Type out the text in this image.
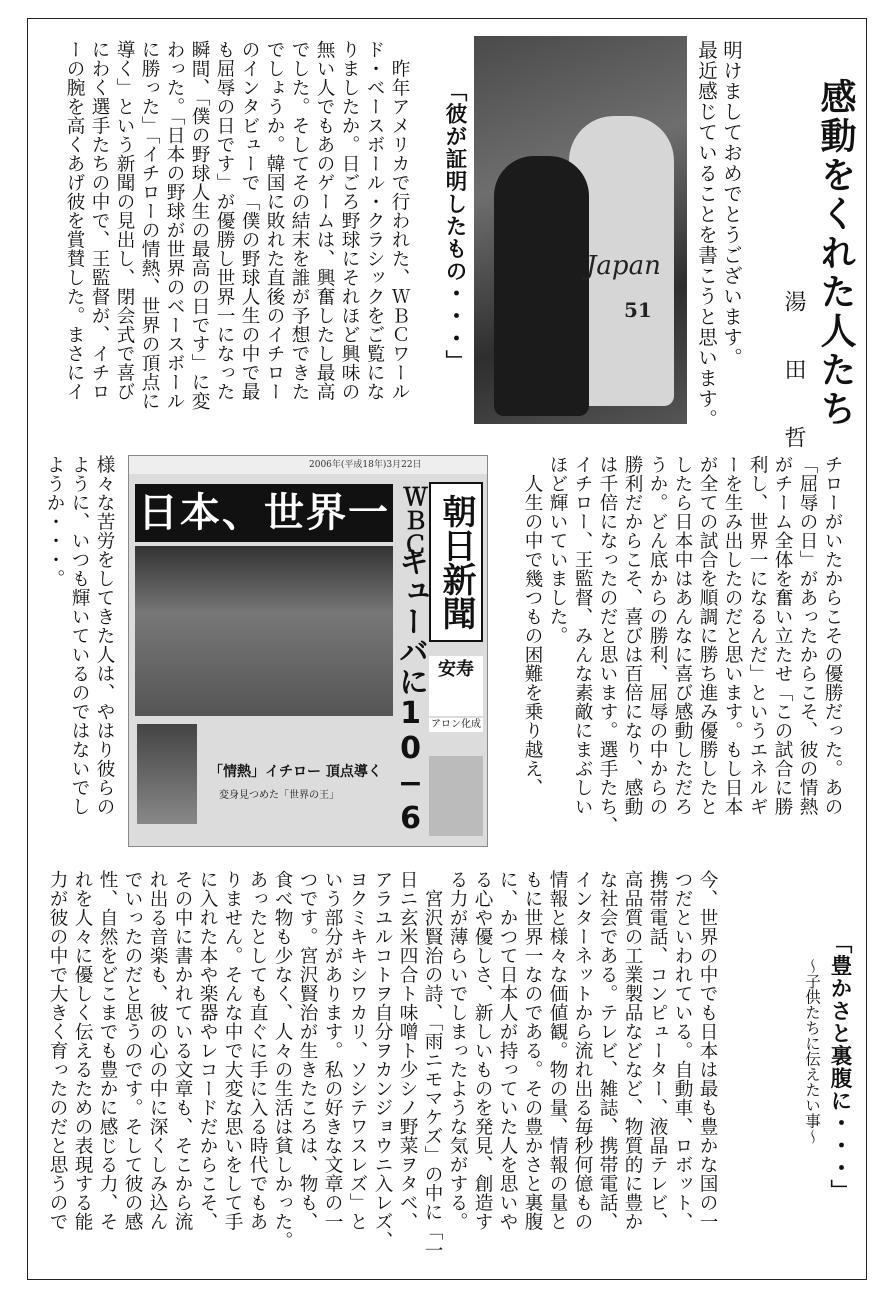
感動をくれた人たち
湯　田　哲

明けましておめでとうございます。

最近感じていることを書こうと思います。

Japan
51
「彼が証明したもの・・・」

　昨年アメリカで行われた、ＷＢＣワール

ド・ベースボール・クラシックをご覧にな

りましたか。日ごろ野球にそれほど興味の

無い人でもあのゲームは、興奮したし最高

でした。そしてその結末を誰が予想できた

でしょうか。韓国に敗れた直後のイチロー

のインタビューで「僕の野球人生の中で最

も屈辱の日です」が優勝し世界一になった

瞬間、「僕の野球人生の最高の日です」に変

わった。「日本の野球が世界のベースボール

に勝った」「イチローの情熱、世界の頂点に

導く」という新聞の見出し、閉会式で喜び

にわく選手たちの中で、王監督が、イチロ

ーの腕を高くあげ彼を賞賛した。まさにイ

2006年(平成18年)3月22日
日本、世界一 ＷＢＣ
キューバに10−6 朝日新聞
「情熱」イチロー 頂点導く
変身見つめた「世界の王」
安寿
アロン化成	チローがいたからこその優勝だった。あの

「屈辱の日」があったからこそ、彼の情熱

がチーム全体を奮い立たせ「この試合に勝

利し、世界一になるんだ」というエネルギ

ーを生み出したのだと思います。もし日本

が全ての試合を順調に勝ち進み優勝したと

したら日本中はあんなに喜び感動しただろ

うか。どん底からの勝利、屈辱の中からの

勝利だからこそ、喜びは百倍になり、感動

は千倍になったのだと思います。選手たち、

イチロー、王監督、みんな素敵にまぶしい

ほど輝いていました。

　人生の中で幾つもの困難を乗り越え、

様々な苦労をしてきた人は、やはり彼らの

ように、いつも輝いているのではないでし

ようか・・・。

「豊かさと裏腹に・・・」
〜子供たちに伝えたい事〜

今、世界の中でも日本は最も豊かな国の一

つだといわれている。自動車、ロボット、

携帯電話、コンピューター、液晶テレビ、

高品質の工業製品などなど、物質的に豊か

な社会である。テレビ、雑誌、携帯電話、

インターネットから流れ出る毎秒何億もの

情報と様々な価値観。物の量、情報の量と

もに世界一なのである。その豊かさと裏腹

に、かつて日本人が持っていた人を思いや

る心や優しさ、新しいものを発見、創造す

る力が薄らいでしまったような気がする。

　宮沢賢治の詩、「雨ニモマケズ」の中に「一

日ニ玄米四合ト味噌ト少シノ野菜ヲタベ、

アラユルコトヲ自分ヲカンジョウニ入レズ、

ヨクミキキシワカリ、ソシテワスレズ」と

いう部分があります。私の好きな文章の一

つです。宮沢賢治が生きたころは、物も、

食べ物も少なく、人々の生活は貧しかった。

あったとしても直ぐに手に入る時代でもあ

りません。そんな中で大変な思いをして手

に入れた本や楽器やレコードだからこそ、

その中に書かれている文章も、そこから流

れ出る音楽も、彼の心の中に深くしみ込ん

でいったのだと思うのです。そして彼の感

性、自然をどこまでも豊かに感じる力、そ

れを人々に優しく伝えるための表現する能

力が彼の中で大きく育ったのだと思うので
